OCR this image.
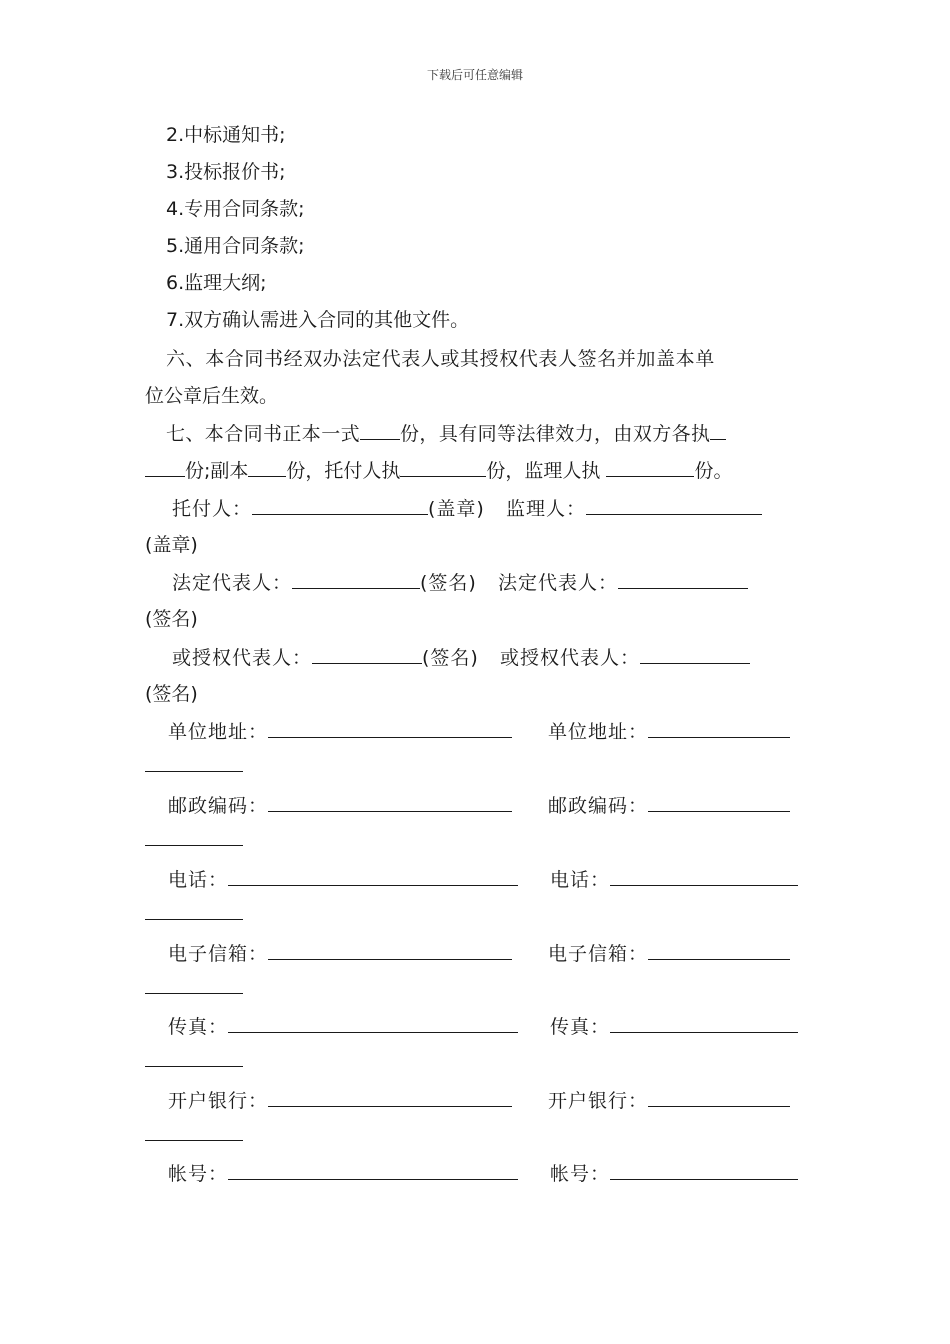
下载后可任意编辑
2.中标通知书;
3.投标报价书;
4.专用合同条款;
5.通用合同条款;
6.监理大纲;
7.双方确认需进入合同的其他文件。
六、本合同书经双办法定代表人或其授权代表人签名并加盖本单
位公章后生效。
七、本合同书正本一式 份，具有同等法律效力，由双方各执
份;副本 份，托付人执	份，监理人执	份。
托付人：	(盖章) 监理人：
(盖章)
法定代表人：	(签名) 法定代表人：
(签名)
或授权代表人：	(签名) 或授权代表人：
(签名)
单位地址：	单位地址：
邮政编码：	邮政编码：
电话：	电话：
电子信箱：	电子信箱：
传真：	传真：
开户银行：	开户银行：
帐号：	帐号：
